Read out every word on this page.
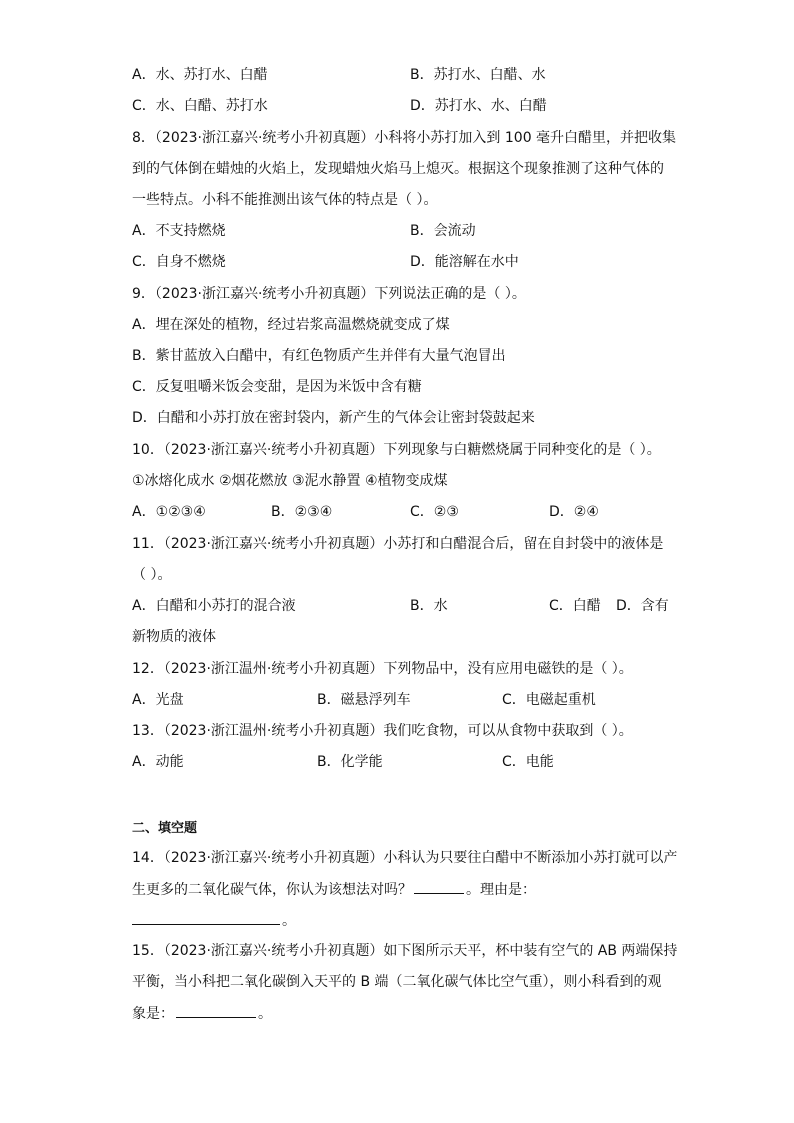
A．水、苏打水、白醋	B．苏打水、白醋、水
C．水、白醋、苏打水	D．苏打水、水、白醋
8．（2023·浙江嘉兴·统考小升初真题）小科将小苏打加入到 100 毫升白醋里，并把收集
到的气体倒在蜡烛的火焰上，发现蜡烛火焰马上熄灭。根据这个现象推测了这种气体的
一些特点。小科不能推测出该气体的特点是（ ）。
A．不支持燃烧	B．会流动
C．自身不燃烧	D．能溶解在水中
9．（2023·浙江嘉兴·统考小升初真题）下列说法正确的是（ ）。
A．埋在深处的植物，经过岩浆高温燃烧就变成了煤
B．紫甘蓝放入白醋中，有红色物质产生并伴有大量气泡冒出
C．反复咀嚼米饭会变甜，是因为米饭中含有糖
D．白醋和小苏打放在密封袋内，新产生的气体会让密封袋鼓起来
10．（2023·浙江嘉兴·统考小升初真题）下列现象与白糖燃烧属于同种变化的是（ ）。
①冰熔化成水 ②烟花燃放 ③泥水静置 ④植物变成煤
A．①②③④	B．②③④	C．②③	D．②④
11．（2023·浙江嘉兴·统考小升初真题）小苏打和白醋混合后，留在自封袋中的液体是
（ ）。
A．白醋和小苏打的混合液	B．水	C．白醋 D．含有
新物质的液体
12．（2023·浙江温州·统考小升初真题）下列物品中，没有应用电磁铁的是（ ）。
A．光盘	B．磁悬浮列车	C．电磁起重机
13．（2023·浙江温州·统考小升初真题）我们吃食物，可以从食物中获取到（ ）。
A．动能	B．化学能	C．电能
二、填空题
14．（2023·浙江嘉兴·统考小升初真题）小科认为只要往白醋中不断添加小苏打就可以产
生更多的二氧化碳气体，你认为该想法对吗？	。理由是：
。
15．（2023·浙江嘉兴·统考小升初真题）如下图所示天平，杯中装有空气的 AB 两端保持
平衡，当小科把二氧化碳倒入天平的 B 端（二氧化碳气体比空气重），则小科看到的观
象是：	。
